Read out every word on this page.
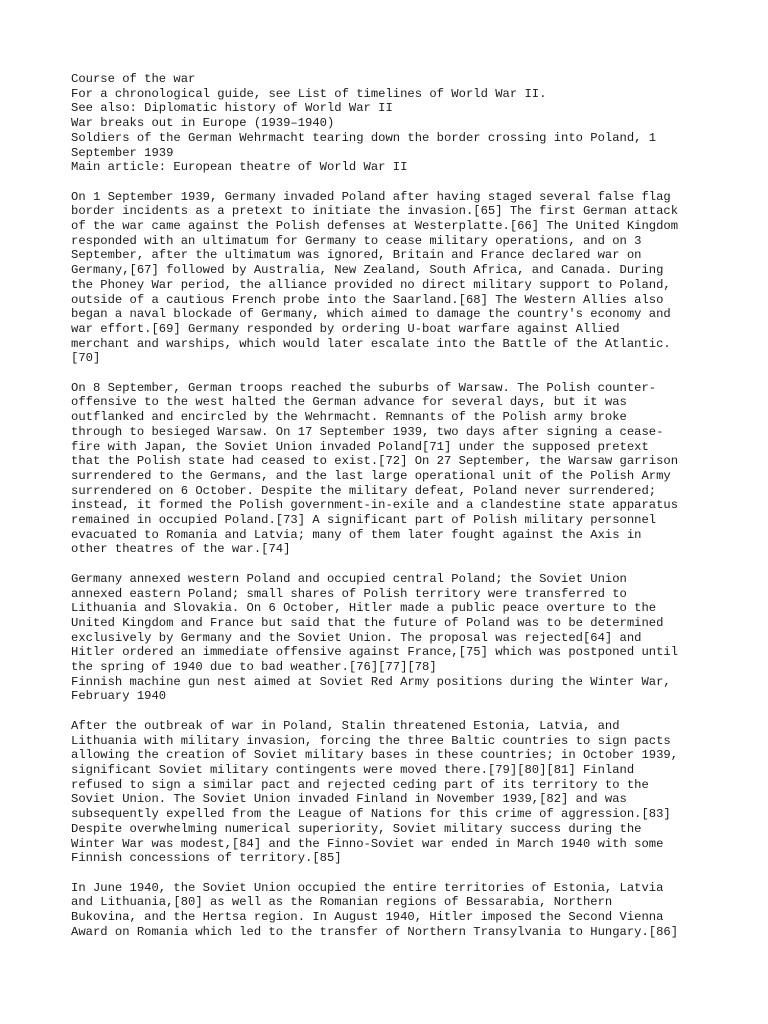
Course of the war
For a chronological guide, see List of timelines of World War II.
See also: Diplomatic history of World War II
War breaks out in Europe (1939–1940)
Soldiers of the German Wehrmacht tearing down the border crossing into Poland, 1
September 1939
Main article: European theatre of World War II
On 1 September 1939, Germany invaded Poland after having staged several false flag
border incidents as a pretext to initiate the invasion.[65] The first German attack
of the war came against the Polish defenses at Westerplatte.[66] The United Kingdom
responded with an ultimatum for Germany to cease military operations, and on 3
September, after the ultimatum was ignored, Britain and France declared war on
Germany,[67] followed by Australia, New Zealand, South Africa, and Canada. During
the Phoney War period, the alliance provided no direct military support to Poland,
outside of a cautious French probe into the Saarland.[68] The Western Allies also
began a naval blockade of Germany, which aimed to damage the country's economy and
war effort.[69] Germany responded by ordering U-boat warfare against Allied
merchant and warships, which would later escalate into the Battle of the Atlantic.
[70]
On 8 September, German troops reached the suburbs of Warsaw. The Polish counter-
offensive to the west halted the German advance for several days, but it was
outflanked and encircled by the Wehrmacht. Remnants of the Polish army broke
through to besieged Warsaw. On 17 September 1939, two days after signing a cease-
fire with Japan, the Soviet Union invaded Poland[71] under the supposed pretext
that the Polish state had ceased to exist.[72] On 27 September, the Warsaw garrison
surrendered to the Germans, and the last large operational unit of the Polish Army
surrendered on 6 October. Despite the military defeat, Poland never surrendered;
instead, it formed the Polish government-in-exile and a clandestine state apparatus
remained in occupied Poland.[73] A significant part of Polish military personnel
evacuated to Romania and Latvia; many of them later fought against the Axis in
other theatres of the war.[74]
Germany annexed western Poland and occupied central Poland; the Soviet Union
annexed eastern Poland; small shares of Polish territory were transferred to
Lithuania and Slovakia. On 6 October, Hitler made a public peace overture to the
United Kingdom and France but said that the future of Poland was to be determined
exclusively by Germany and the Soviet Union. The proposal was rejected[64] and
Hitler ordered an immediate offensive against France,[75] which was postponed until
the spring of 1940 due to bad weather.[76][77][78]
Finnish machine gun nest aimed at Soviet Red Army positions during the Winter War,
February 1940
After the outbreak of war in Poland, Stalin threatened Estonia, Latvia, and
Lithuania with military invasion, forcing the three Baltic countries to sign pacts
allowing the creation of Soviet military bases in these countries; in October 1939,
significant Soviet military contingents were moved there.[79][80][81] Finland
refused to sign a similar pact and rejected ceding part of its territory to the
Soviet Union. The Soviet Union invaded Finland in November 1939,[82] and was
subsequently expelled from the League of Nations for this crime of aggression.[83]
Despite overwhelming numerical superiority, Soviet military success during the
Winter War was modest,[84] and the Finno-Soviet war ended in March 1940 with some
Finnish concessions of territory.[85]
In June 1940, the Soviet Union occupied the entire territories of Estonia, Latvia
and Lithuania,[80] as well as the Romanian regions of Bessarabia, Northern
Bukovina, and the Hertsa region. In August 1940, Hitler imposed the Second Vienna
Award on Romania which led to the transfer of Northern Transylvania to Hungary.[86]
